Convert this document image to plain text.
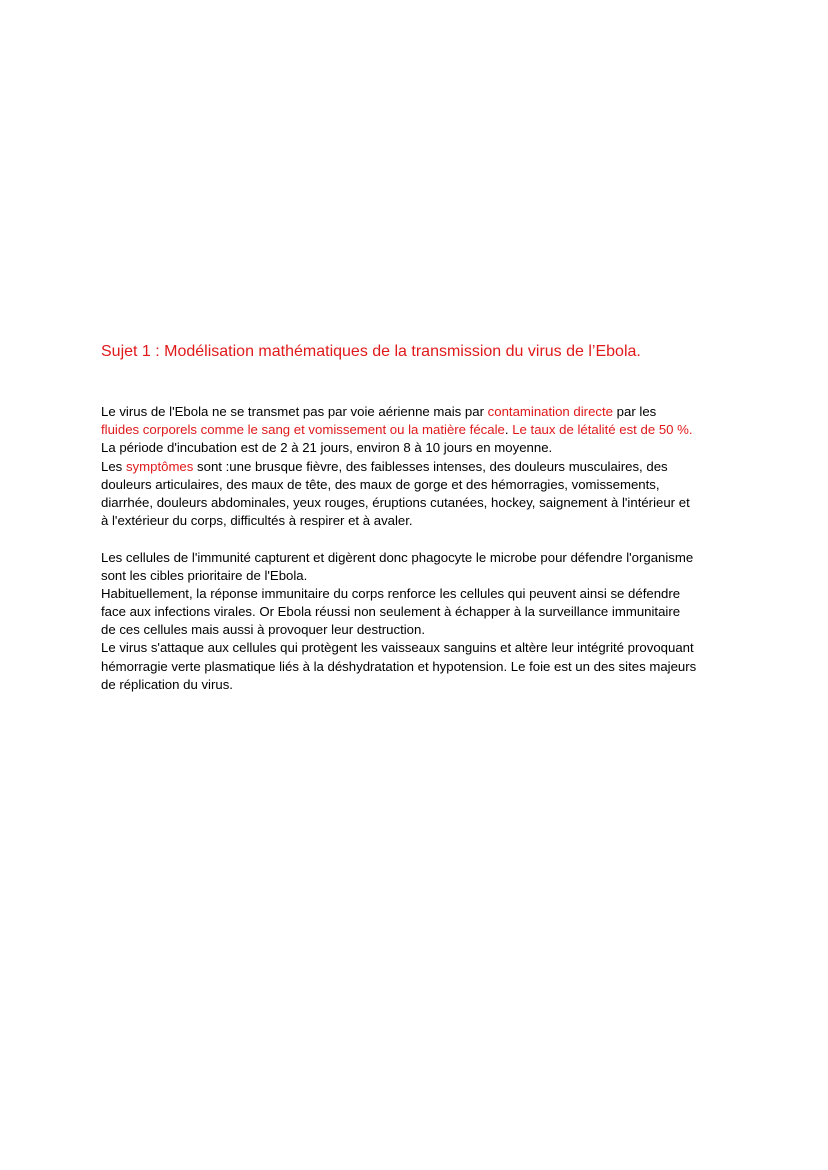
Sujet 1 : Modélisation mathématiques de la transmission du virus de l’Ebola.
Le virus de l'Ebola ne se transmet pas par voie aérienne mais par contamination directe par les
fluides corporels comme le sang et vomissement ou la matière fécale. Le taux de létalité est de 50 %.
La période d'incubation est de 2 à 21 jours, environ 8 à 10 jours en moyenne.
Les symptômes sont :une brusque fièvre, des faiblesses intenses, des douleurs musculaires, des
douleurs articulaires, des maux de tête, des maux de gorge et des hémorragies, vomissements,
diarrhée, douleurs abdominales, yeux rouges, éruptions cutanées, hockey, saignement à l'intérieur et
à l'extérieur du corps, difficultés à respirer et à avaler.
Les cellules de l'immunité capturent et digèrent donc phagocyte le microbe pour défendre l'organisme
sont les cibles prioritaire de l'Ebola.
Habituellement, la réponse immunitaire du corps renforce les cellules qui peuvent ainsi se défendre
face aux infections virales. Or Ebola réussi non seulement à échapper à la surveillance immunitaire
de ces cellules mais aussi à provoquer leur destruction.
Le virus s'attaque aux cellules qui protègent les vaisseaux sanguins et altère leur intégrité provoquant
hémorragie verte plasmatique liés à la déshydratation et hypotension. Le foie est un des sites majeurs
de réplication du virus.
